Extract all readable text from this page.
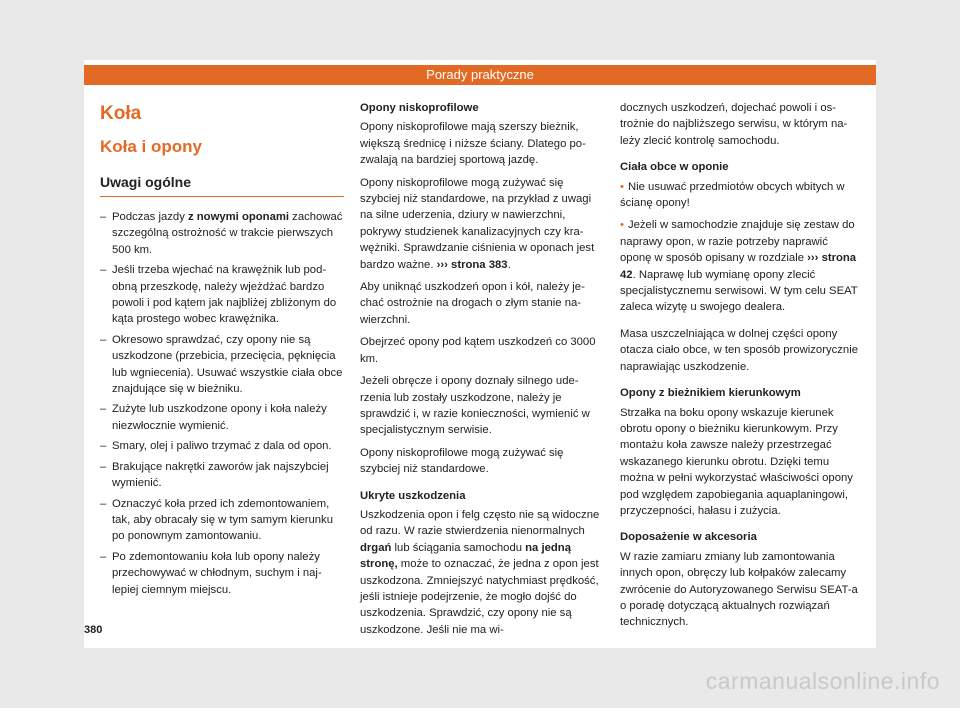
Porady praktyczne
Koła
Koła i opony
Uwagi ogólne
– Podczas jazdy z nowymi oponami zachować szczególną ostrożność w trakcie pierwszych 500 km.
– Jeśli trzeba wjechać na krawężnik lub podobną przeszkodę, należy wjeżdżać bardzo powoli i pod kątem jak najbliżej zbliżonym do kąta prostego wobec krawężnika.
– Okresowo sprawdzać, czy opony nie są uszkodzone (przebicia, przecięcia, pęknięcia lub wgniecenia). Usuwać wszystkie ciała obce znajdujące się w bieżniku.
– Zużyte lub uszkodzone opony i koła należy niezwłocznie wymienić.
– Smary, olej i paliwo trzymać z dala od opon.
– Brakujące nakrętki zaworów jak najszybciej wymienić.
– Oznaczyć koła przed ich zdemontowaniem, tak, aby obracały się w tym samym kierunku po ponownym zamontowaniu.
– Po zdemontowaniu koła lub opony należy przechowywać w chłodnym, suchym i najlepiej ciemnym miejscu.
Opony niskoprofilowe

Opony niskoprofilowe mają szerszy bieżnik, większą średnicę i niższe ściany. Dlatego pozwalają na bardziej sportową jazdę.

Opony niskoprofilowe mogą zużywać się szybciej niż standardowe, na przykład z uwagi na silne uderzenia, dziury w nawierzchni, pokrywy studzienek kanalizacyjnych czy krawężniki. Sprawdzanie ciśnienia w oponach jest bardzo ważne. ››› strona 383.

Aby uniknąć uszkodzeń opon i kół, należy jechać ostrożnie na drogach o złym stanie nawierzchni.

Obejrzeć opony pod kątem uszkodzeń co 3000 km.

Jeżeli obręcze i opony doznały silnego uderzenia lub zostały uszkodzone, należy je sprawdzić i, w razie konieczności, wymienić w specjalistycznym serwisie.

Opony niskoprofilowe mogą zużywać się szybciej niż standardowe.

Ukryte uszkodzenia

Uszkodzenia opon i felg często nie są widoczne od razu. W razie stwierdzenia nienormalnych drgań lub ściągania samochodu na jedną stronę, może to oznaczać, że jedna z opon jest uszkodzona. Zmniejszyć natychmiast prędkość, jeśli istnieje podejrzenie, że mogło dojść do uszkodzenia. Sprawdzić, czy opony nie są uszkodzone. Jeśli nie ma wi-

docznych uszkodzeń, dojechać powoli i ostrożnie do najbliższego serwisu, w którym należy zlecić kontrolę samochodu.

Ciała obce w oponie

• Nie usuwać przedmiotów obcych wbitych w ścianę opony!

• Jeżeli w samochodzie znajduje się zestaw do naprawy opon, w razie potrzeby naprawić oponę w sposób opisany w rozdziale ››› strona 42. Naprawę lub wymianę opony zlecić specjalistycznemu serwisowi. W tym celu SEAT zaleca wizytę u swojego dealera.

Masa uszczelniająca w dolnej części opony otacza ciało obce, w ten sposób prowizorycznie naprawiając uszkodzenie.

Opony z bieżnikiem kierunkowym

Strzałka na boku opony wskazuje kierunek obrotu opony o bieżniku kierunkowym. Przy montażu koła zawsze należy przestrzegać wskazanego kierunku obrotu. Dzięki temu można w pełni wykorzystać właściwości opony pod względem zapobiegania aquaplaningowi, przyczepności, hałasu i zużycia.

Doposażenie w akcesoria

W razie zamiaru zmiany lub zamontowania innych opon, obręczy lub kołpaków zalecamy zwrócenie do Autoryzowanego Serwisu SEAT-a o poradę dotyczącą aktualnych rozwiązań technicznych.

380
carmanualsonline.info
